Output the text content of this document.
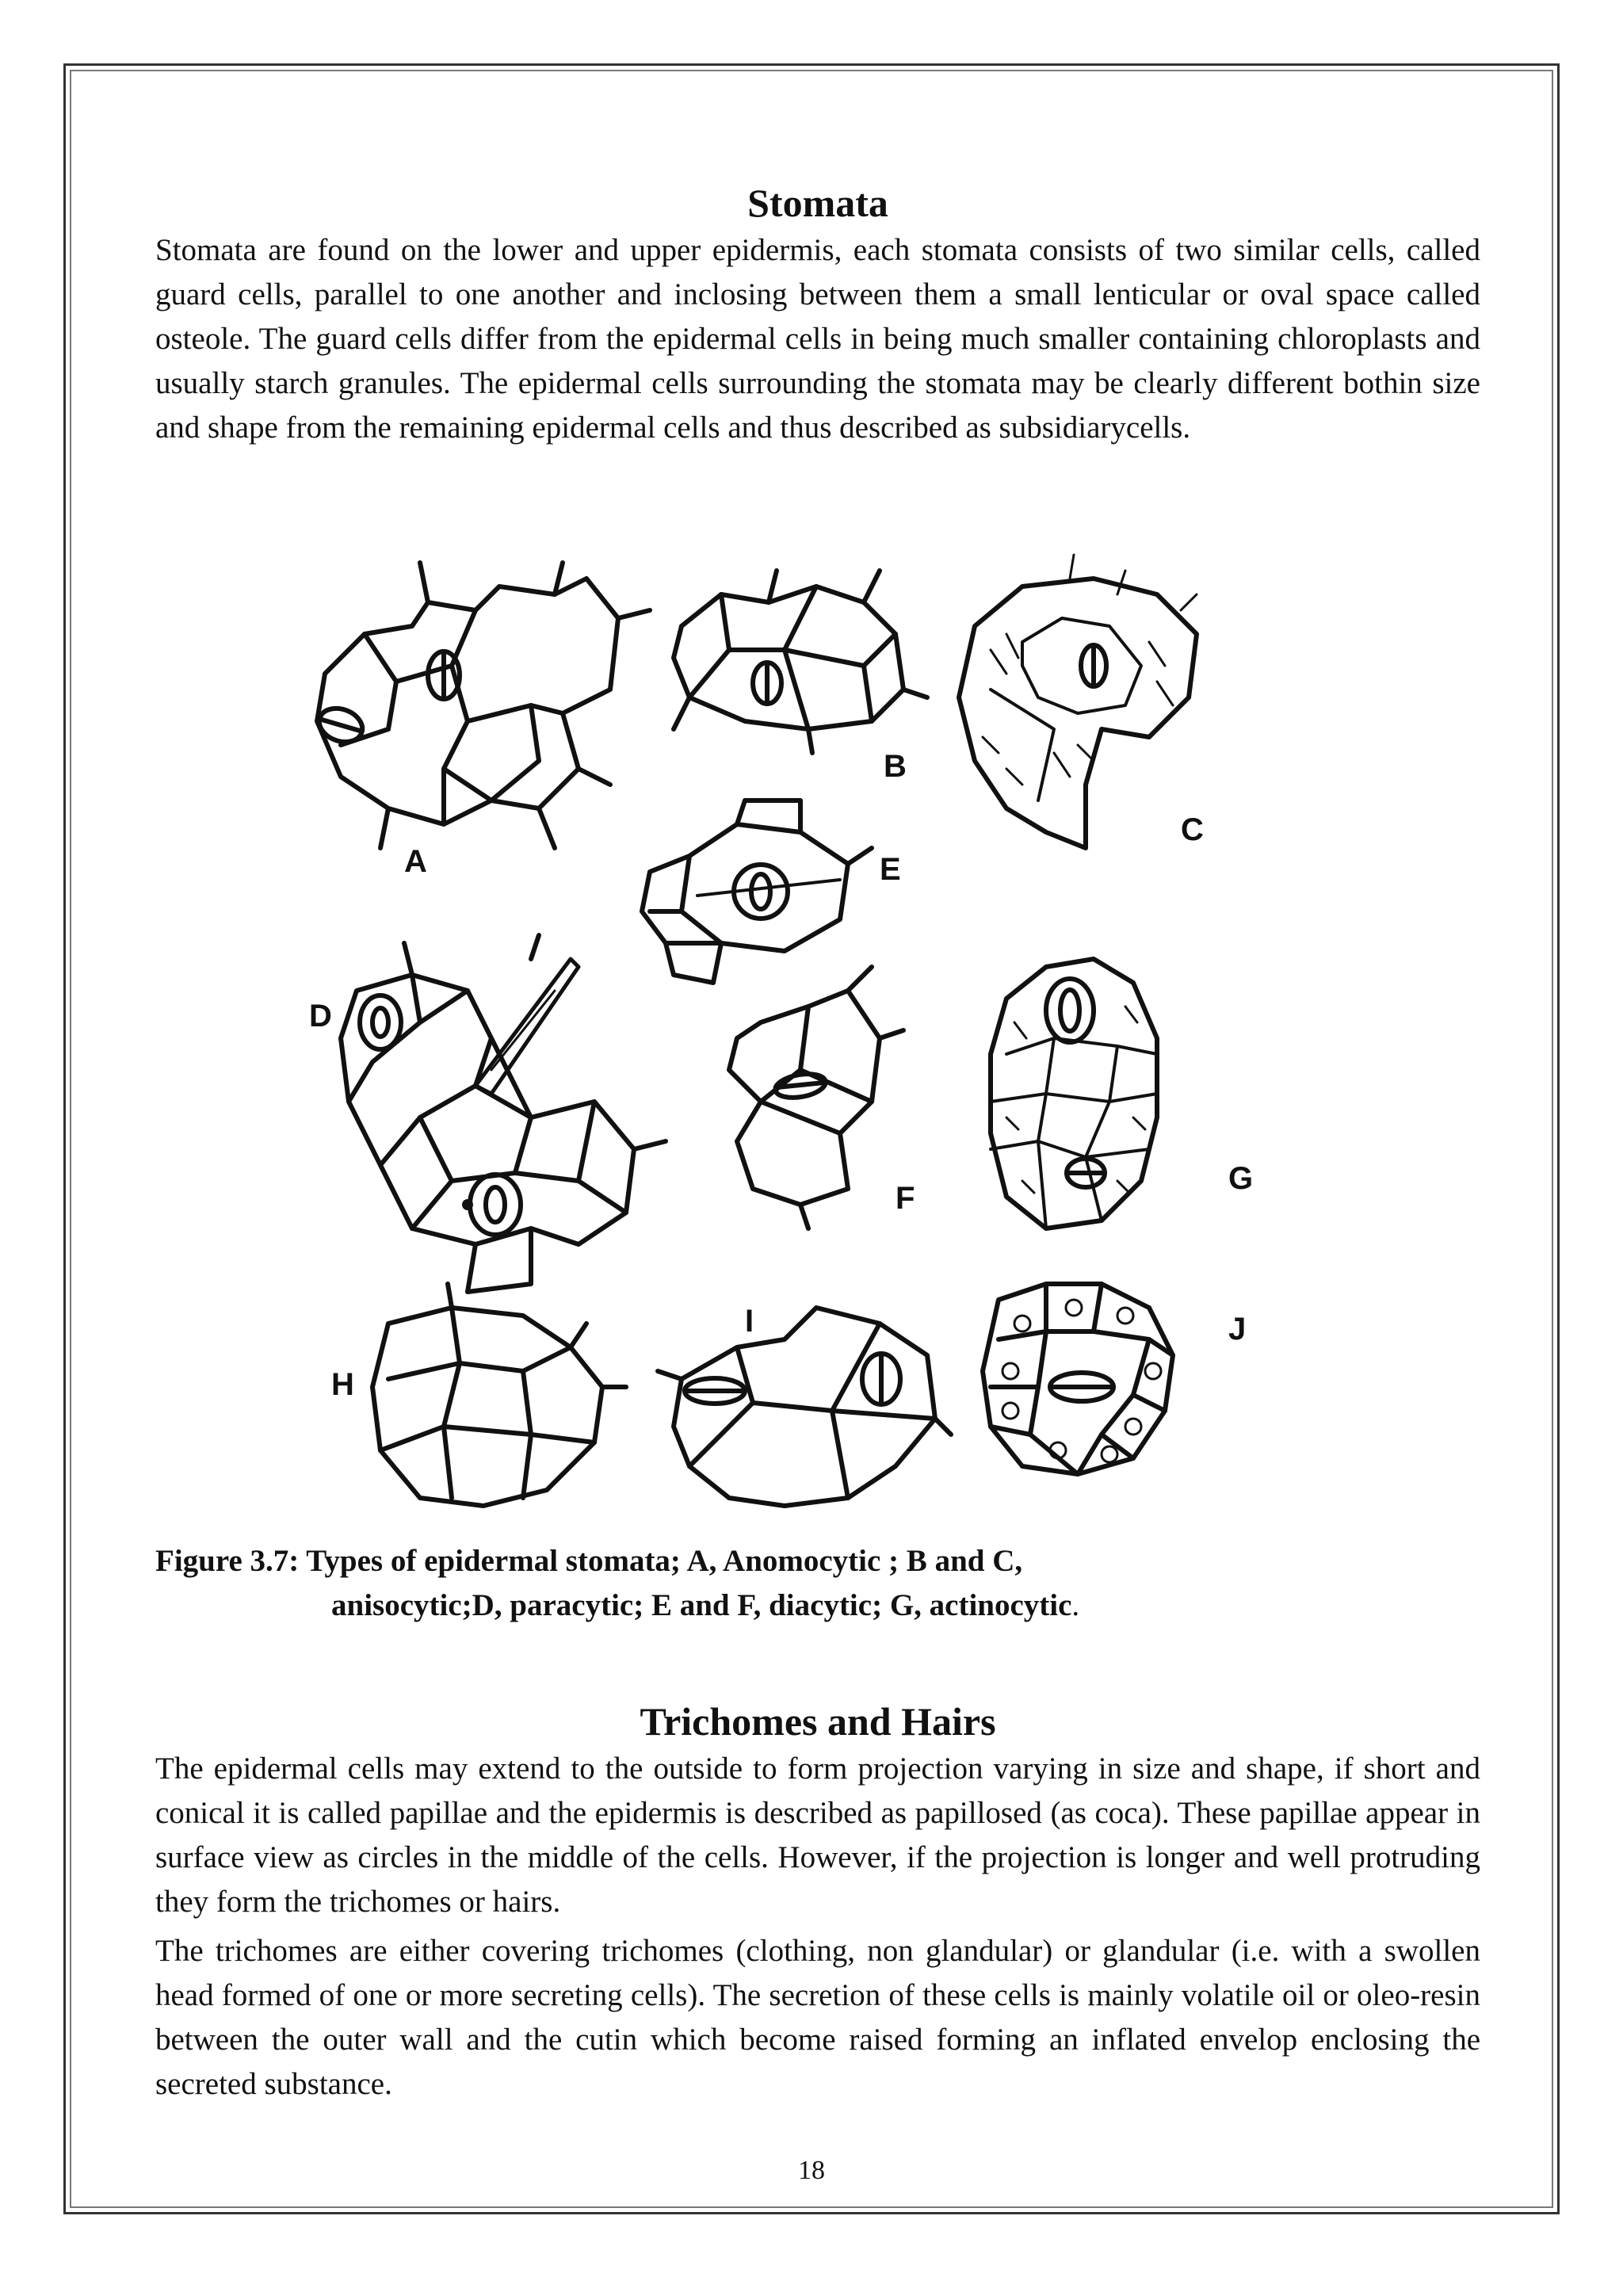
Stomata

Stomata are found on the lower and upper epidermis, each stomata consists of two similar cells, called guard cells, parallel to one another and inclosing between them a small lenticular or oval space called osteole. The guard cells differ from the epidermal cells in being much smaller containing chloroplasts and usually starch granules. The epidermal cells surrounding the stomata may be clearly different bothin size and shape from the remaining epidermal cells and thus described as subsidiarycells.

A
B
C
D
E
F
G
H
I	J
Figure 3.7: Types of epidermal stomata; A, Anomocytic ; B and C,
anisocytic;D, paracytic; E and F, diacytic; G, actinocytic.
Trichomes and Hairs

The epidermal cells may extend to the outside to form projection varying in size and shape, if short and conical it is called papillae and the epidermis is described as papillosed (as coca). These papillae appear in surface view as circles in the middle of the cells. However, if the projection is longer and well protruding they form the trichomes or hairs.

The trichomes are either covering trichomes (clothing, non glandular) or glandular (i.e. with a swollen head formed of one or more secreting cells). The secretion of these cells is mainly volatile oil or oleo-resin between the outer wall and the cutin which become raised forming an inflated envelop enclosing the secreted substance.

18
